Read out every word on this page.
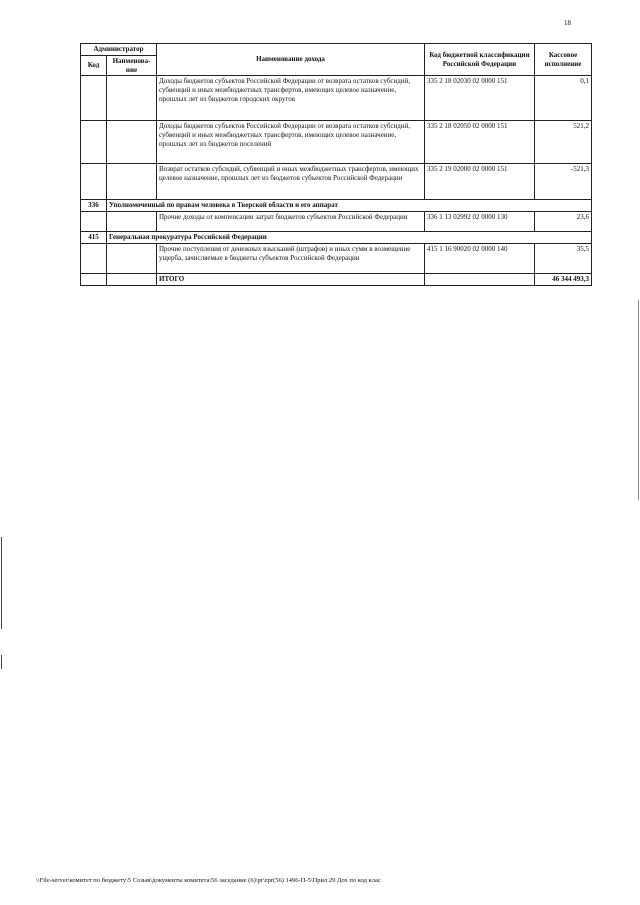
18
Администратор		Наименование дохода	Код бюджетной классификации Российской Федерации	Кассовое исполнение
Код	Наименова-ние			
		Доходы бюджетов субъектов Российской Федерации от возврата остатков субсидий, субвенций и иных межбюджетных трансфертов, имеющих целевое назначение, прошлых лет из бюджетов городских округов	335 2 18 02030 02 0000 151	0,1
		Доходы бюджетов субъектов Российской Федерации от возврата остатков субсидий, субвенций и иных межбюджетных трансфертов, имеющих целевое назначение, прошлых лет из бюджетов поселений	335 2 18 02050 02 0000 151	521,2
		Возврат остатков субсидий, субвенций и иных межбюджетных трансфертов, имеющих целевое назначение, прошлых лет из бюджетов субъектов Российской Федерации	335 2 19 02000 02 0000 151	-521,3
336	Уполномоченный по правам человека в Тверской области и его аппарат			
		Прочие доходы от компенсации затрат бюджетов субъектов Российской Федерации	336 1 13 02992 02 0000 130	23,6
415	Генеральная прокуратура Российской Федерации			
		Прочие поступления от денежных взысканий (штрафов) и иных сумм в возмещение ущерба, зачисляемые в бюджеты субъектов Российской Федерации	415 1 16 90020 02 0000 140	35,5
		ИТОГО		46 344 493,3
\\File-server\комитет по бюджету\5 Созыв\документы комитета\56 заседание (6)\pr\zpr(56) 1496-П-5\Прил 29 Дох по код клас
